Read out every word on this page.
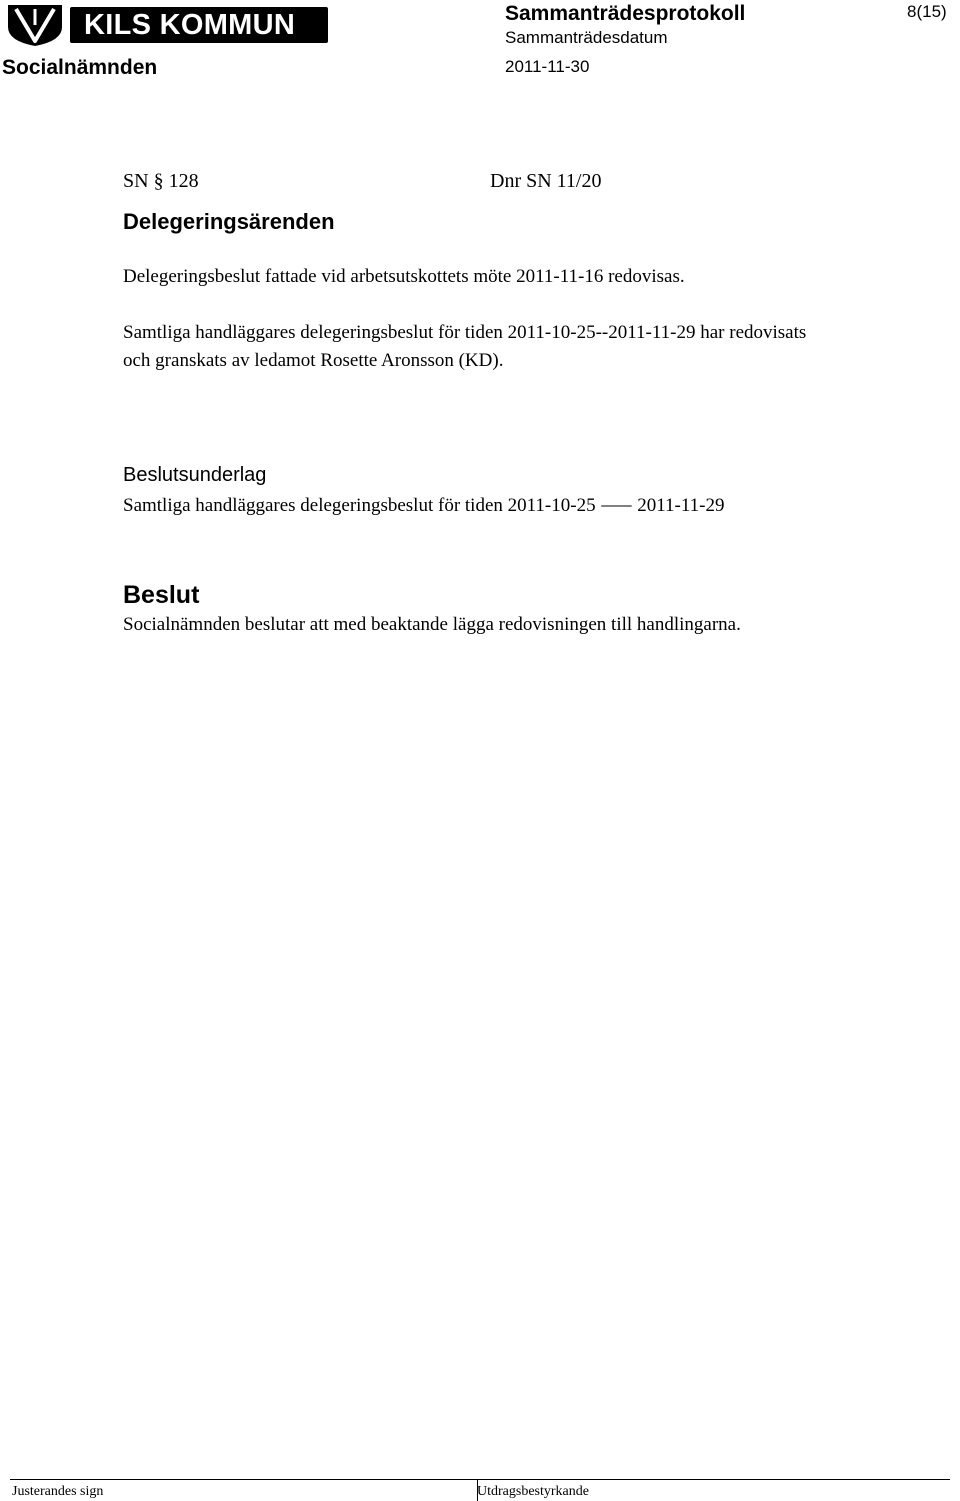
KILS KOMMUN
Socialnämnden
Sammanträdesprotokoll
Sammanträdesdatum
2011-11-30
8(15)
SN § 128	Dnr SN 11/20
Delegeringsärenden
Delegeringsbeslut fattade vid arbetsutskottets möte 2011-11-16 redovisas.
Samtliga handläggares delegeringsbeslut för tiden 2011-10-25--2011-11-29 har redovisats
och granskats av ledamot Rosette Aronsson (KD).
Beslutsunderlag
Samtliga handläggares delegeringsbeslut för tiden 2011-10-25 ⸺ 2011-11-29
Beslut
Socialnämnden beslutar att med beaktande lägga redovisningen till handlingarna.
Justerandes sign	Utdragsbestyrkande
